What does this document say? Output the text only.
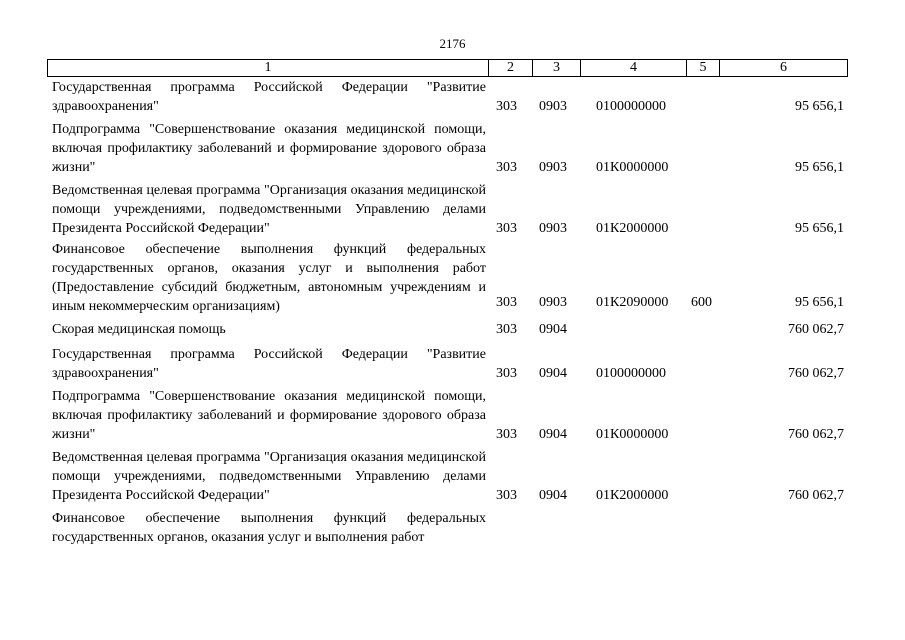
2176
1	2	3	4	5	6
Государственная программа Российской Федерации "Развитие здравоохранения"	303 0903 0100000000	95 656,1
Подпрограмма "Совершенствование оказания медицинской помощи, включая профилактику заболеваний и формирование здорового образа жизни"	303 0903 01К0000000	95 656,1
Ведомственная целевая программа "Организация оказания медицинской помощи учреждениями, подведомственными Управлению делами Президента Российской Федерации"	303 0903 01К2000000	95 656,1
Финансовое обеспечение выполнения функций федеральных государственных органов, оказания услуг и выполнения работ (Предоставление субсидий бюджетным, автономным учреждениям и иным некоммерческим организациям)	303 0903 01К2090000 600	95 656,1
Скорая медицинская помощь	303 0904	760 062,7
Государственная программа Российской Федерации "Развитие здравоохранения"	303 0904 0100000000	760 062,7
Подпрограмма "Совершенствование оказания медицинской помощи, включая профилактику заболеваний и формирование здорового образа жизни"	303 0904 01К0000000	760 062,7
Ведомственная целевая программа "Организация оказания медицинской помощи учреждениями, подведомственными Управлению делами Президента Российской Федерации"	303 0904 01К2000000	760 062,7
Финансовое обеспечение выполнения функций федеральных государственных органов, оказания услуг и выполнения работ
